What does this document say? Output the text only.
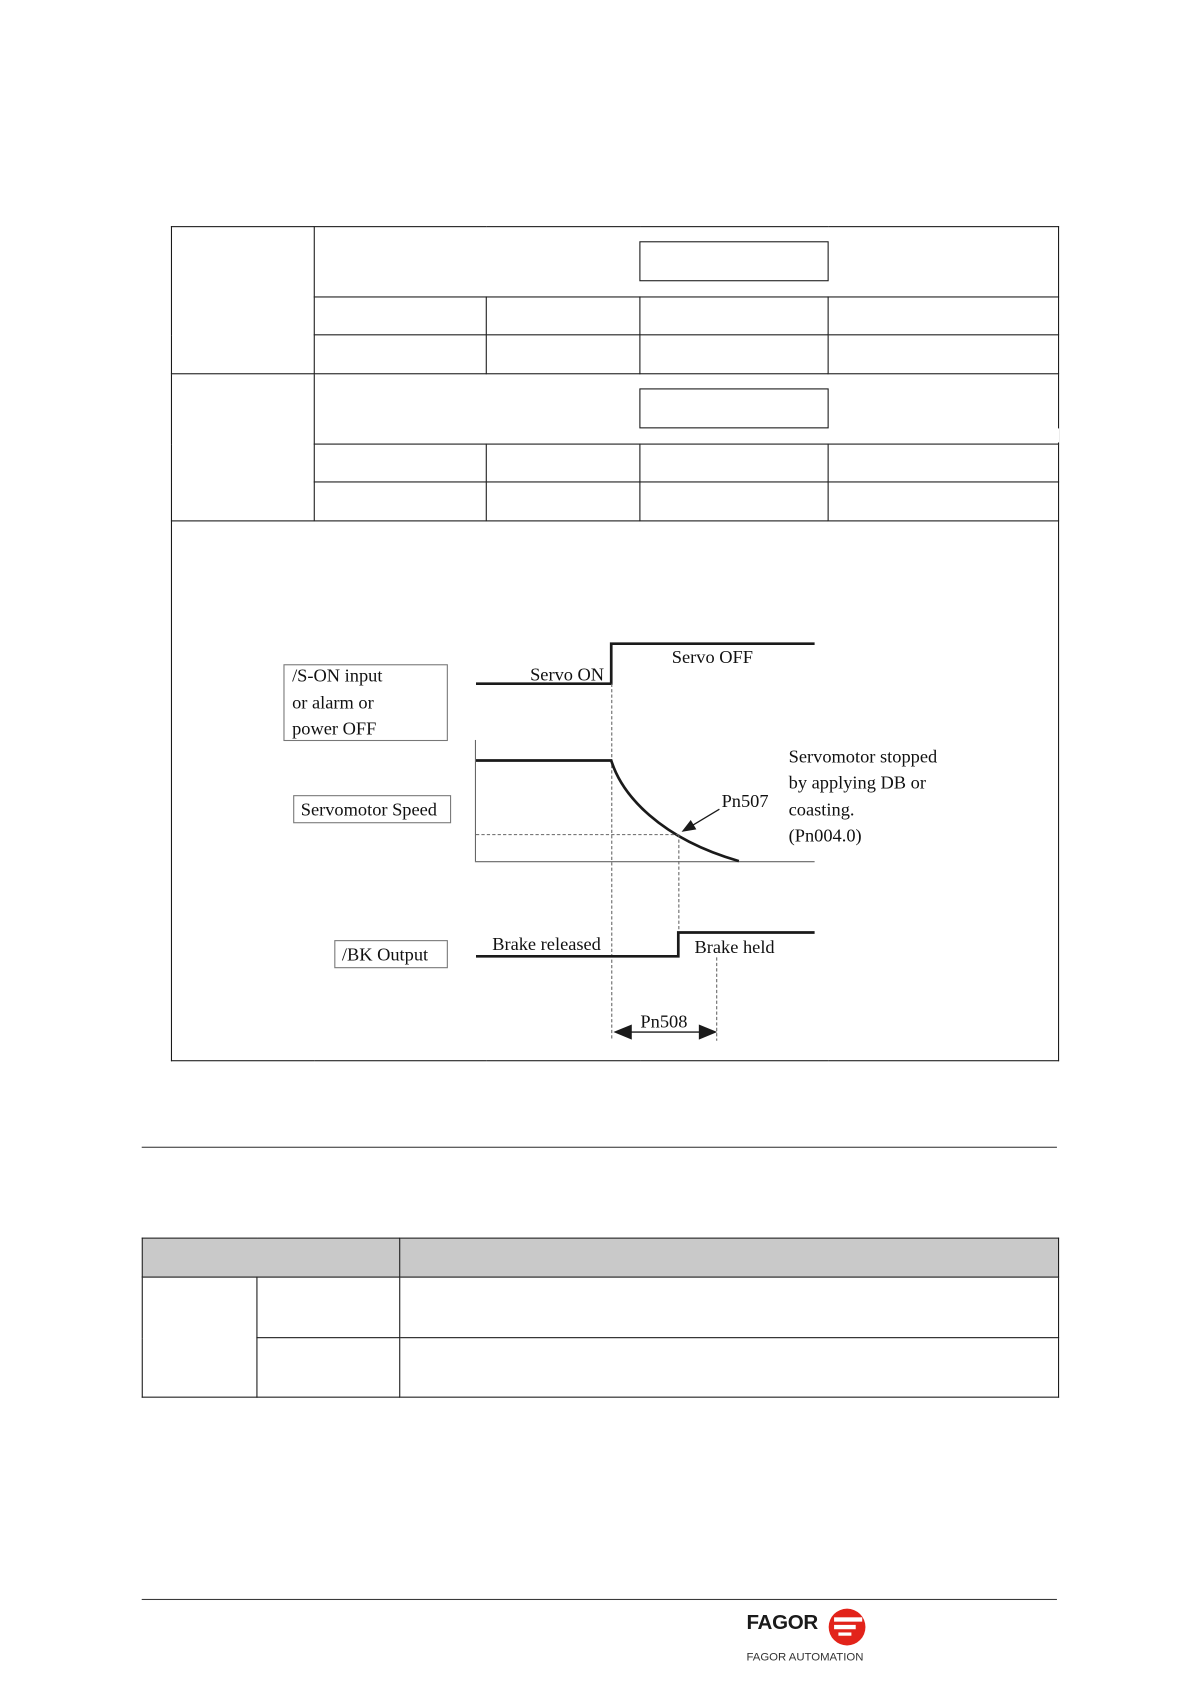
/S-ON input
or alarm or
power OFF
Servo ON
Servo OFF
Servomotor Speed	Pn507
Servomotor stopped
by applying DB or
coasting.
(Pn004.0)
/BK Output
Brake released	Brake held
Pn508

FAGOR
FAGOR AUTOMATION
